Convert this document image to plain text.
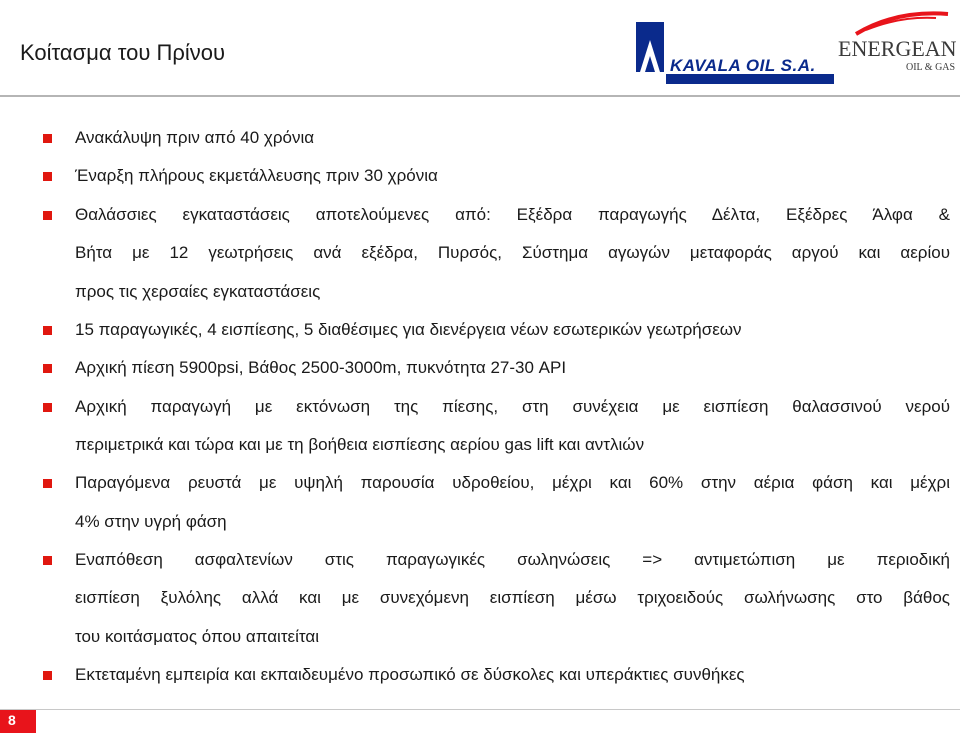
Κοίτασμα του Πρίνου
KAVALA OIL S.A.
ENERGEAN
OIL & GAS
Ανακάλυψη πριν από 40 χρόνια
Έναρξη πλήρους εκμετάλλευσης πριν 30 χρόνια
Θαλάσσιες εγκαταστάσεις αποτελούμενες από: Εξέδρα παραγωγής Δέλτα, Εξέδρες Άλφα &
Βήτα με 12 γεωτρήσεις ανά εξέδρα, Πυρσός, Σύστημα αγωγών μεταφοράς αργού και αερίου
προς τις χερσαίες εγκαταστάσεις
15 παραγωγικές, 4 εισπίεσης, 5 διαθέσιμες για διενέργεια νέων εσωτερικών γεωτρήσεων
Αρχική πίεση 5900psi, Βάθος 2500-3000m, πυκνότητα 27-30 API
Αρχική παραγωγή με εκτόνωση της πίεσης, στη συνέχεια με εισπίεση θαλασσινού νερού
περιμετρικά και τώρα και με τη βοήθεια εισπίεσης αερίου gas lift και αντλιών
Παραγόμενα ρευστά με υψηλή παρουσία υδροθείου, μέχρι και 60% στην αέρια φάση και μέχρι
4% στην υγρή φάση
Εναπόθεση ασφαλτενίων στις παραγωγικές σωληνώσεις => αντιμετώπιση με περιοδική
εισπίεση ξυλόλης αλλά και με συνεχόμενη εισπίεση μέσω τριχοειδούς σωλήνωσης στο βάθος
του κοιτάσματος όπου απαιτείται
Εκτεταμένη εμπειρία και εκπαιδευμένο προσωπικό σε δύσκολες και υπεράκτιες συνθήκες
8
